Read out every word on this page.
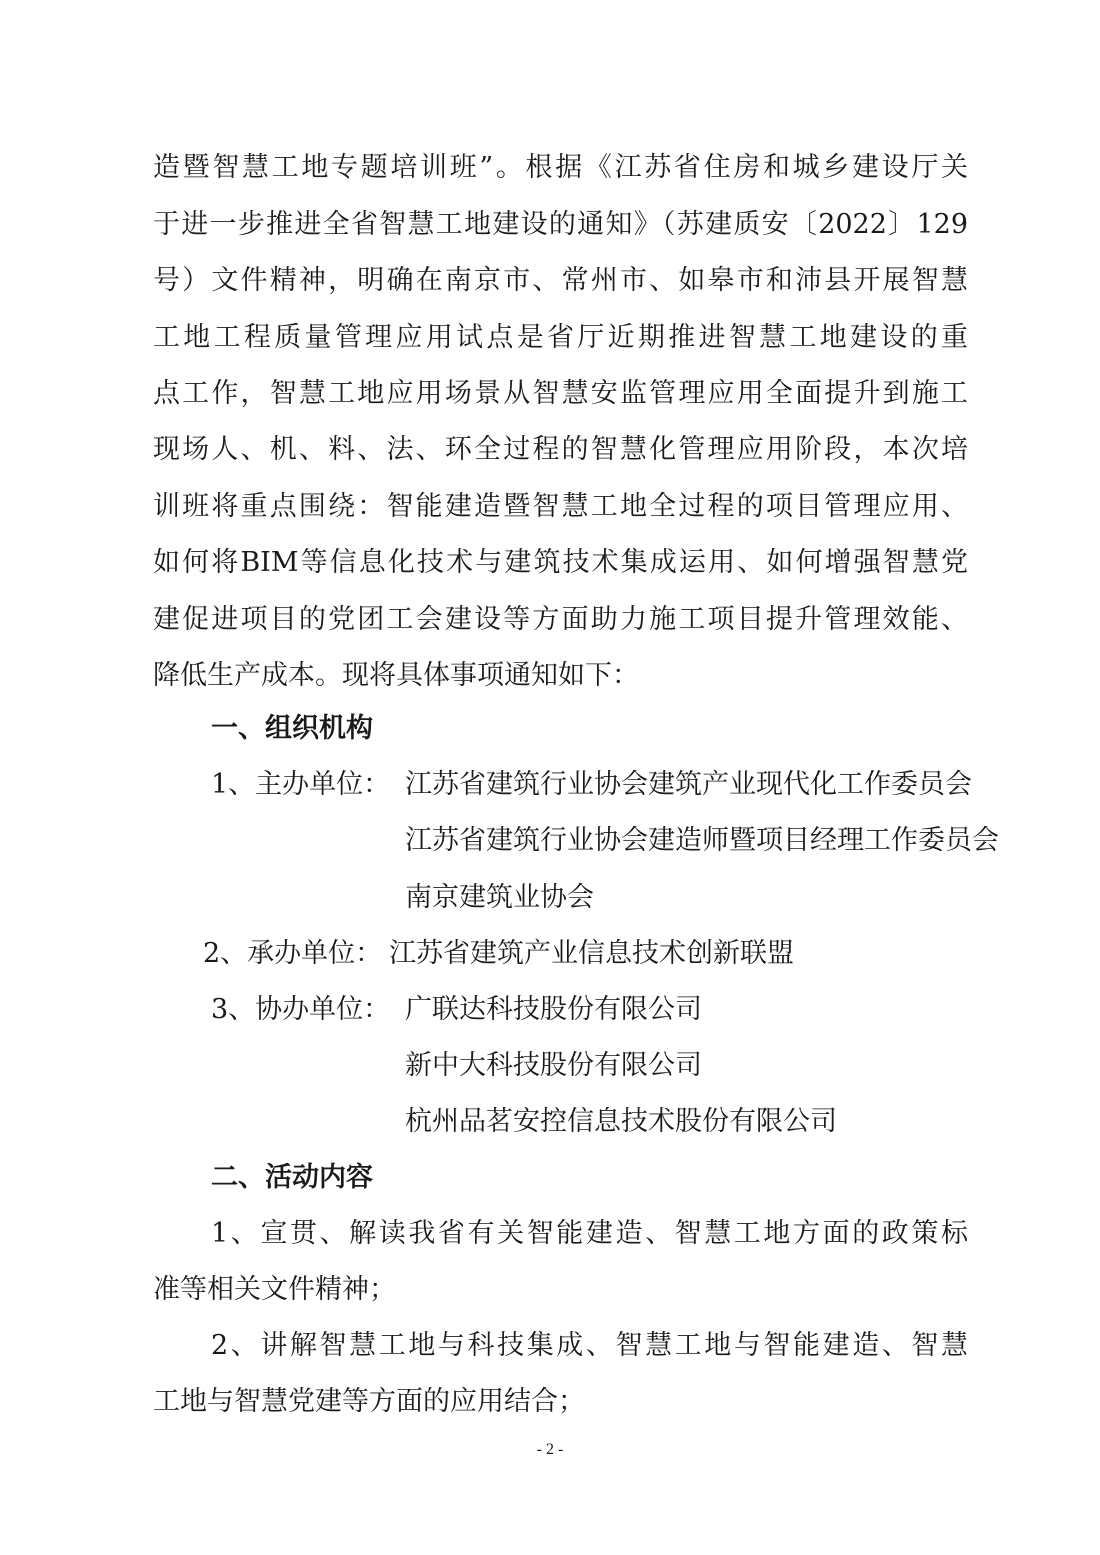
造暨智慧工地专题培训班”。根据《江苏省住房和城乡建设厅关
于进一步推进全省智慧工地建设的通知》（苏建质安〔2022〕129
号）文件精神，明确在南京市、常州市、如皋市和沛县开展智慧
工地工程质量管理应用试点是省厅近期推进智慧工地建设的重
点工作，智慧工地应用场景从智慧安监管理应用全面提升到施工
现场人、机、料、法、环全过程的智慧化管理应用阶段，本次培
训班将重点围绕：智能建造暨智慧工地全过程的项目管理应用、
如何将BIM等信息化技术与建筑技术集成运用、如何增强智慧党
建促进项目的党团工会建设等方面助力施工项目提升管理效能、
降低生产成本。现将具体事项通知如下：
一、组织机构
1、主办单位： 江苏省建筑行业协会建筑产业现代化工作委员会
江苏省建筑行业协会建造师暨项目经理工作委员会
南京建筑业协会
2、承办单位： 江苏省建筑产业信息技术创新联盟
3、协办单位： 广联达科技股份有限公司
新中大科技股份有限公司
杭州品茗安控信息技术股份有限公司
二、活动内容
1、宣贯、解读我省有关智能建造、智慧工地方面的政策标
准等相关文件精神；
2、讲解智慧工地与科技集成、智慧工地与智能建造、智慧
工地与智慧党建等方面的应用结合；
- 2 -
